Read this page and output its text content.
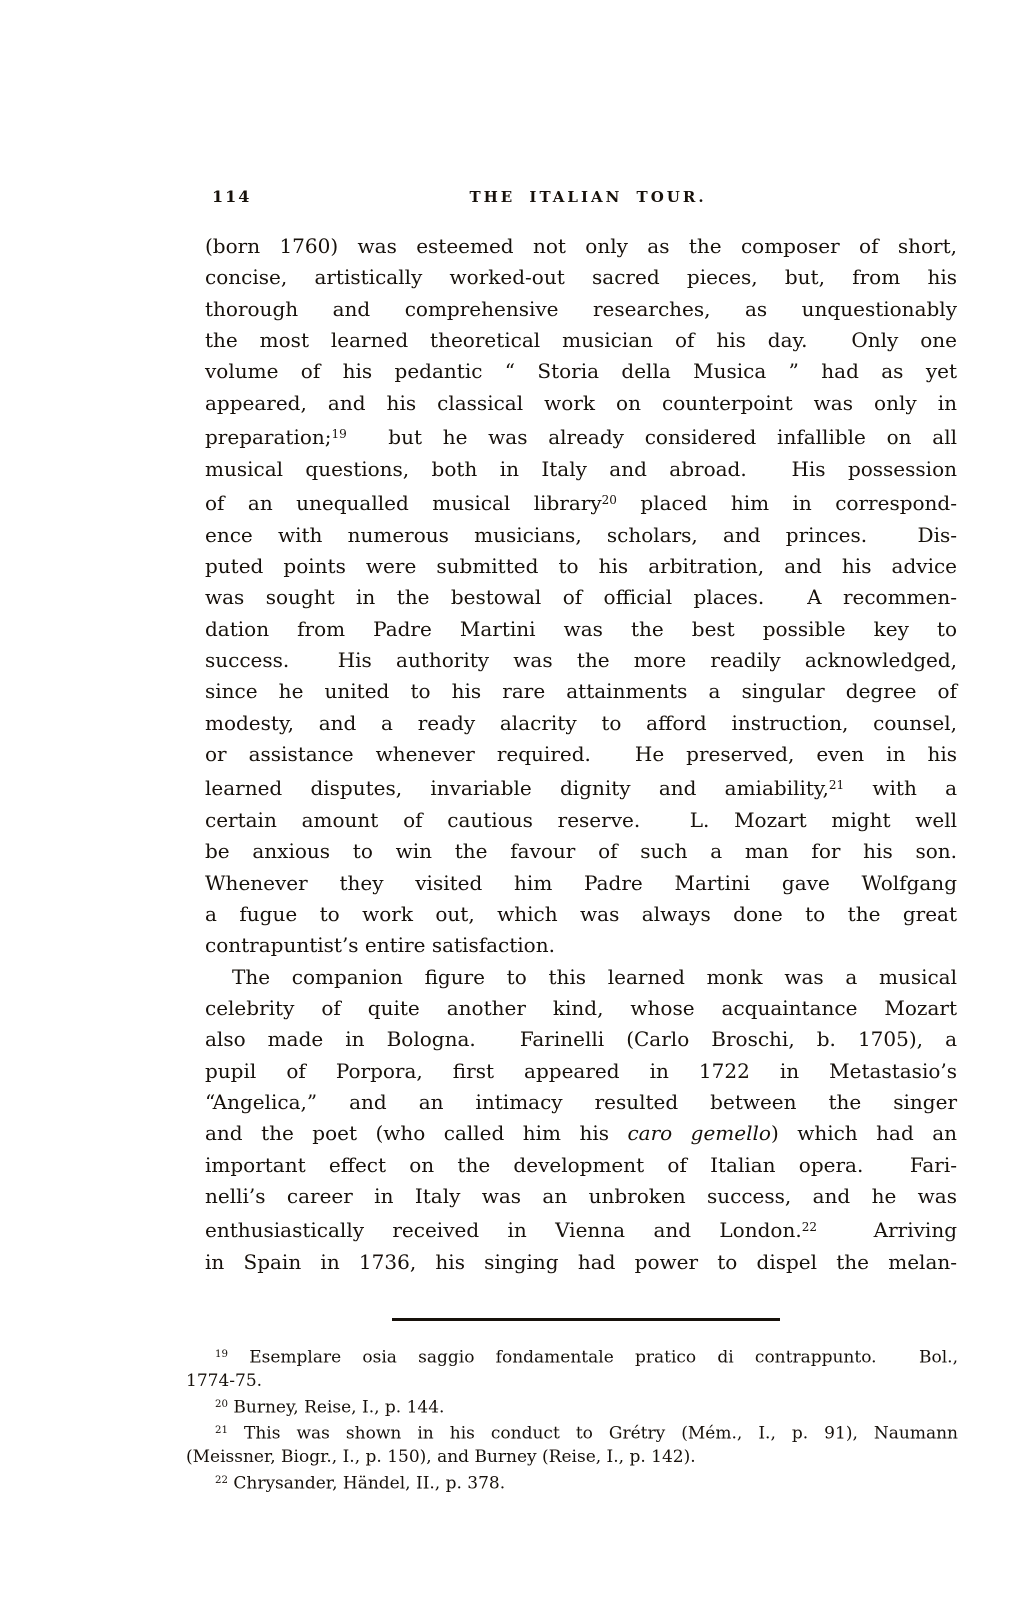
114	THE ITALIAN TOUR.
(born 1760) was esteemed not only as the composer of short,
concise, artistically worked-out sacred pieces, but, from his
thorough and comprehensive researches, as unquestionably
the most learned theoretical musician of his day.  Only one
volume of his pedantic “ Storia della Musica ” had as yet
appeared, and his classical work on counterpoint was only in
preparation;$^{19}$  but he was already considered infallible on all
musical questions, both in Italy and abroad.  His possession
of an unequalled musical library$^{20}$ placed him in correspond-
ence with numerous musicians, scholars, and princes.  Dis-
puted points were submitted to his arbitration, and his advice
was sought in the bestowal of official places.  A recommen-
dation from Padre Martini was the best possible key to
success.  His authority was the more readily acknowledged,
since he united to his rare attainments a singular degree of
modesty, and a ready alacrity to afford instruction, counsel,
or assistance whenever required.  He preserved, even in his
learned disputes, invariable dignity and amiability,$^{21}$ with a
certain amount of cautious reserve.  L. Mozart might well
be anxious to win the favour of such a man for his son.
Whenever they visited him Padre Martini gave Wolfgang
a fugue to work out, which was always done to the great
contrapuntist’s entire satisfaction.
The companion figure to this learned monk was a musical
celebrity of quite another kind, whose acquaintance Mozart
also made in Bologna.  Farinelli (Carlo Broschi, b. 1705), a
pupil of Porpora, first appeared in 1722 in Metastasio’s
“Angelica,” and an intimacy resulted between the singer
and the poet (who called him his caro gemello) which had an
important effect on the development of Italian opera.  Fari-
nelli’s career in Italy was an unbroken success, and he was
enthusiastically received in Vienna and London.$^{22}$  Arriving
in Spain in 1736, his singing had power to dispel the melan-
$^{19}$ Esemplare osia saggio fondamentale pratico di contrappunto.  Bol.,
1774-75.
$^{20}$ Burney, Reise, I., p. 144.
$^{21}$ This was shown in his conduct to Grétry (Mém., I., p. 91), Naumann
(Meissner, Biogr., I., p. 150), and Burney (Reise, I., p. 142).
$^{22}$ Chrysander, Händel, II., p. 378.
